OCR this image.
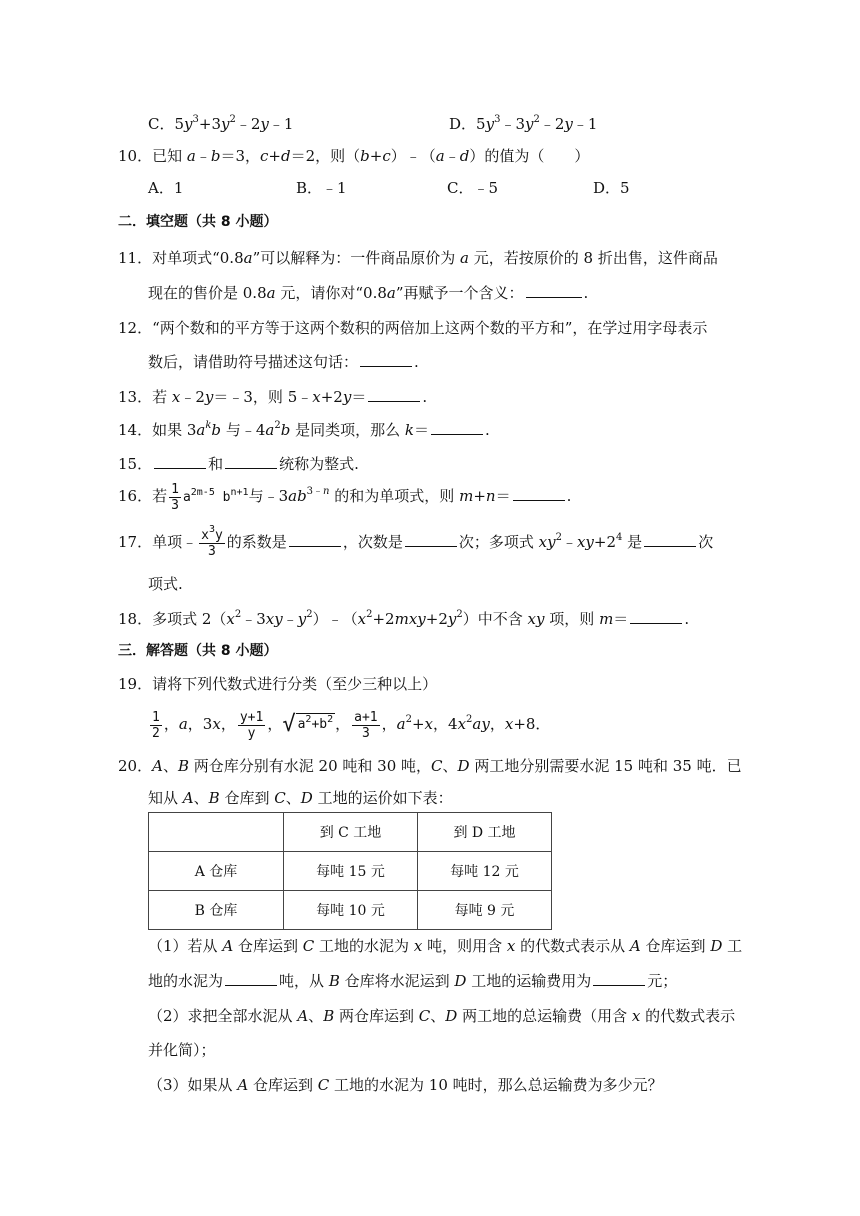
C．$5y^3+3y^2﹣2y﹣1$	D．$5y^3﹣3y^2﹣2y﹣1$
10．已知 a﹣b＝3，c+d＝2，则（b+c）﹣（a﹣d）的值为（　　）
A．1	B．﹣1	C．﹣5	D．5
二．填空题（共 8 小题）
11．对单项式“0.8a”可以解释为：一件商品原价为 a 元，若按原价的 8 折出售，这件商品
现在的售价是 0.8a 元，请你对“0.8a”再赋予一个含义：	.
12．“两个数和的平方等于这两个数积的两倍加上这两个数的平方和”，在学过用字母表示
数后，请借助符号描述这句话：	.
13．若 x﹣2y＝﹣3，则 5﹣x+2y＝	.
14．如果 $3a^kb$ 与$﹣4a^2b$ 是同类项，那么 k＝	.
15．	和	统称为整式.
16．若 $\frac{1}{3} a^{2m-5}$ $b^{n+1}$与$﹣3ab^{3﹣n}$ 的和为单项式，则 m+n＝	.
17．单项﹣ $\frac{x^3y}{3}$ 的系数是	，次数是	次；多项式 $xy^2﹣xy+2^4$ 是	次
项式.
18．多项式 $2(x^2﹣3xy﹣y^2)﹣(x^2+2mxy+2y^2)$中不含 xy 项，则 m＝	.
三．解答题（共 8 小题）
19．请将下列代数式进行分类（至少三种以上）
$\frac{1}{2}$ ，a，3x， $\frac{y+1}{y}$ ， √ $a^2+b^2$ ， $\frac{a+1}{3}$ ，$a^2+x$，$4x^2ay$，x+8．
20．A、B 两仓库分别有水泥 20 吨和 30 吨，C、D 两工地分别需要水泥 15 吨和 35 吨．已
知从 A、B 仓库到 C、D 工地的运价如下表：
	到 C 工地	到 D 工地
A 仓库	每吨 15 元	每吨 12 元
B 仓库	每吨 10 元	每吨 9 元
（1）若从 A 仓库运到 C 工地的水泥为 x 吨，则用含 x 的代数式表示从 A 仓库运到 D 工
地的水泥为	吨，从 B 仓库将水泥运到 D 工地的运输费用为	元；
（2）求把全部水泥从 A、B 两仓库运到 C、D 两工地的总运输费（用含 x 的代数式表示
并化简）；
（3）如果从 A 仓库运到 C 工地的水泥为 10 吨时，那么总运输费为多少元？
